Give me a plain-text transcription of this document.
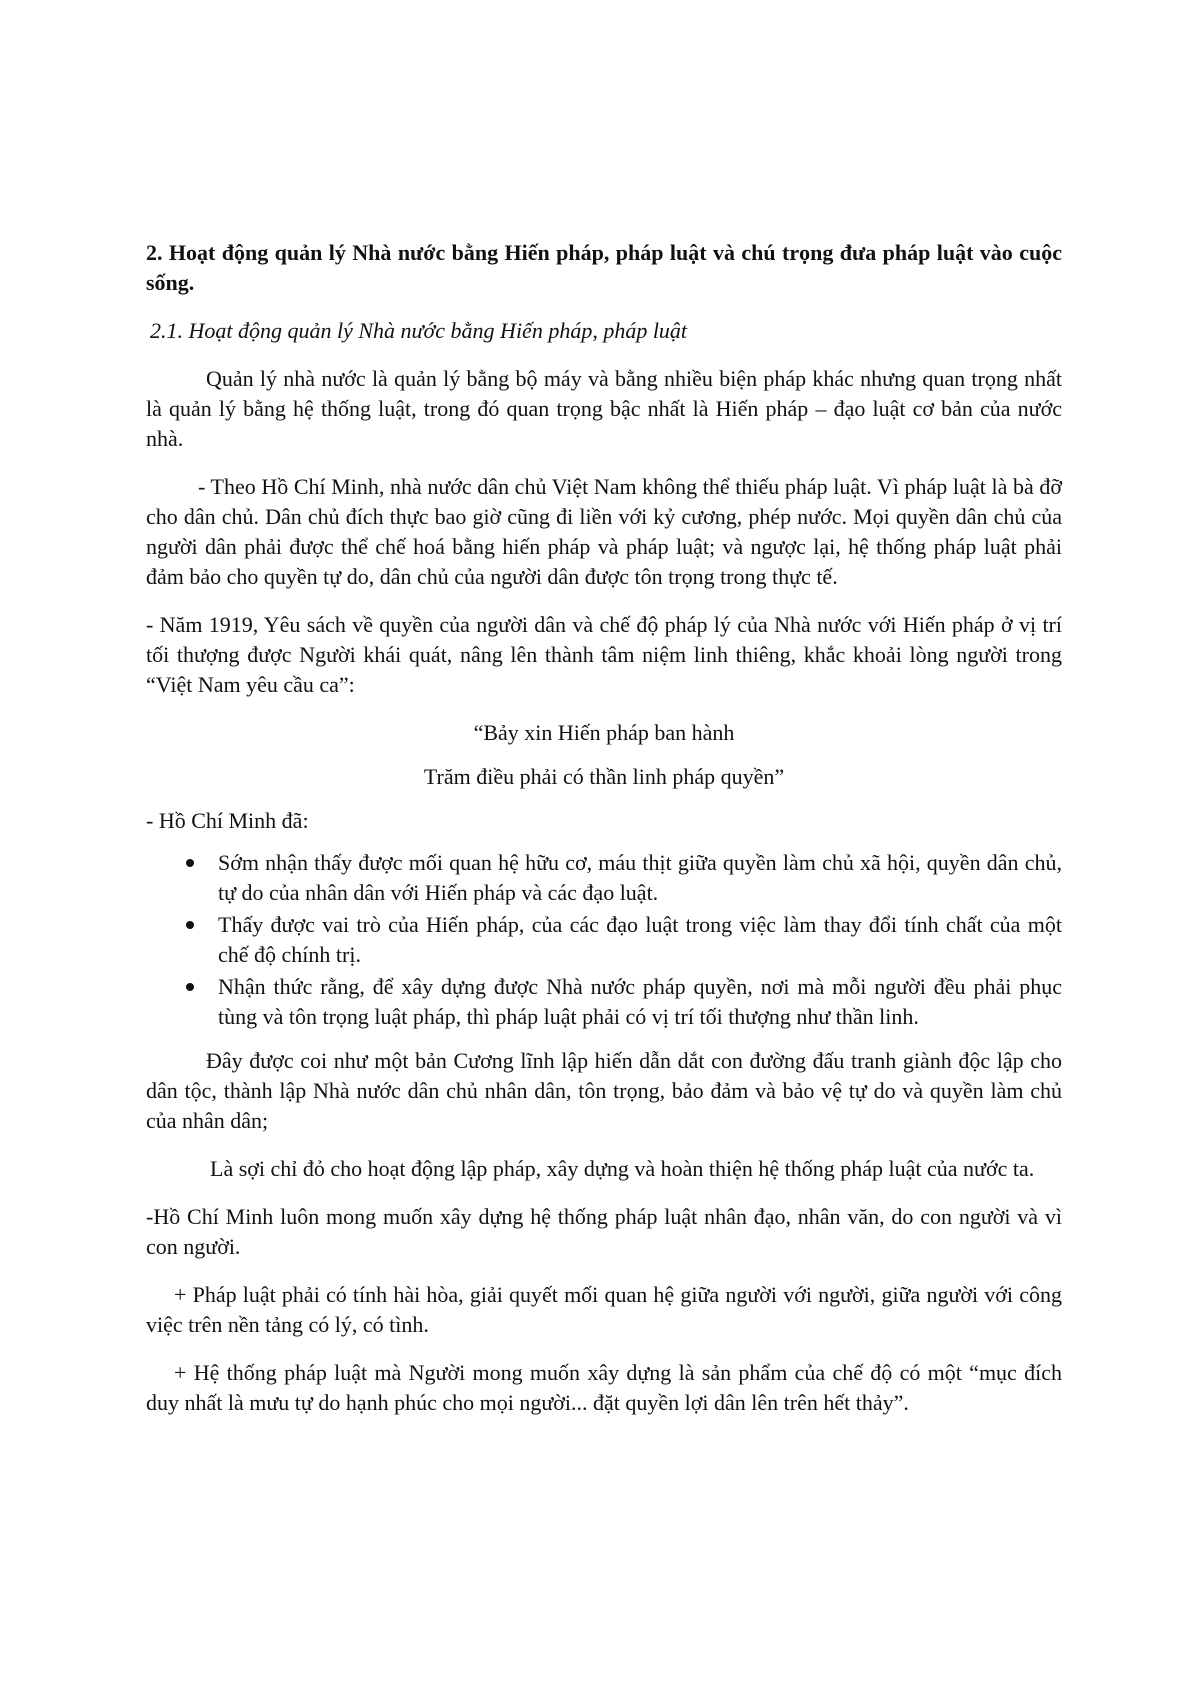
2. Hoạt động quản lý Nhà nước bằng Hiến pháp, pháp luật và chú trọng đưa pháp luật vào cuộc sống.
2.1. Hoạt động quản lý Nhà nước bằng Hiến pháp, pháp luật

Quản lý nhà nước là quản lý bằng bộ máy và bằng nhiều biện pháp khác nhưng quan trọng nhất là quản lý bằng hệ thống luật, trong đó quan trọng bậc nhất là Hiến pháp – đạo luật cơ bản của nước nhà.

- Theo Hồ Chí Minh, nhà nước dân chủ Việt Nam không thể thiếu pháp luật. Vì pháp luật là bà đỡ cho dân chủ. Dân chủ đích thực bao giờ cũng đi liền với kỷ cương, phép nước. Mọi quyền dân chủ của người dân phải được thể chế hoá bằng hiến pháp và pháp luật; và ngược lại, hệ thống pháp luật phải đảm bảo cho quyền tự do, dân chủ của người dân được tôn trọng trong thực tế.

- Năm 1919, Yêu sách về quyền của người dân và chế độ pháp lý của Nhà nước với Hiến pháp ở vị trí tối thượng được Người khái quát, nâng lên thành tâm niệm linh thiêng, khắc khoải lòng người trong “Việt Nam yêu cầu ca”:

“Bảy xin Hiến pháp ban hành
Trăm điều phải có thần linh pháp quyền”

- Hồ Chí Minh đã:

Sớm nhận thấy được mối quan hệ hữu cơ, máu thịt giữa quyền làm chủ xã hội, quyền dân chủ, tự do của nhân dân với Hiến pháp và các đạo luật.
Thấy được vai trò của Hiến pháp, của các đạo luật trong việc làm thay đổi tính chất của một chế độ chính trị.
Nhận thức rằng, để xây dựng được Nhà nước pháp quyền, nơi mà mỗi người đều phải phục tùng và tôn trọng luật pháp, thì pháp luật phải có vị trí tối thượng như thần linh.

Đây được coi như một bản Cương lĩnh lập hiến dẫn dắt con đường đấu tranh giành độc lập cho dân tộc, thành lập Nhà nước dân chủ nhân dân, tôn trọng, bảo đảm và bảo vệ tự do và quyền làm chủ của nhân dân;

Là sợi chỉ đỏ cho hoạt động lập pháp, xây dựng và hoàn thiện hệ thống pháp luật của nước ta.

-Hồ Chí Minh luôn mong muốn xây dựng hệ thống pháp luật nhân đạo, nhân văn, do con người và vì con người.

+ Pháp luật phải có tính hài hòa, giải quyết mối quan hệ giữa người với người, giữa người với công việc trên nền tảng có lý, có tình.

+ Hệ thống pháp luật mà Người mong muốn xây dựng là sản phẩm của chế độ có một “mục đích duy nhất là mưu tự do hạnh phúc cho mọi người... đặt quyền lợi dân lên trên hết thảy”.
